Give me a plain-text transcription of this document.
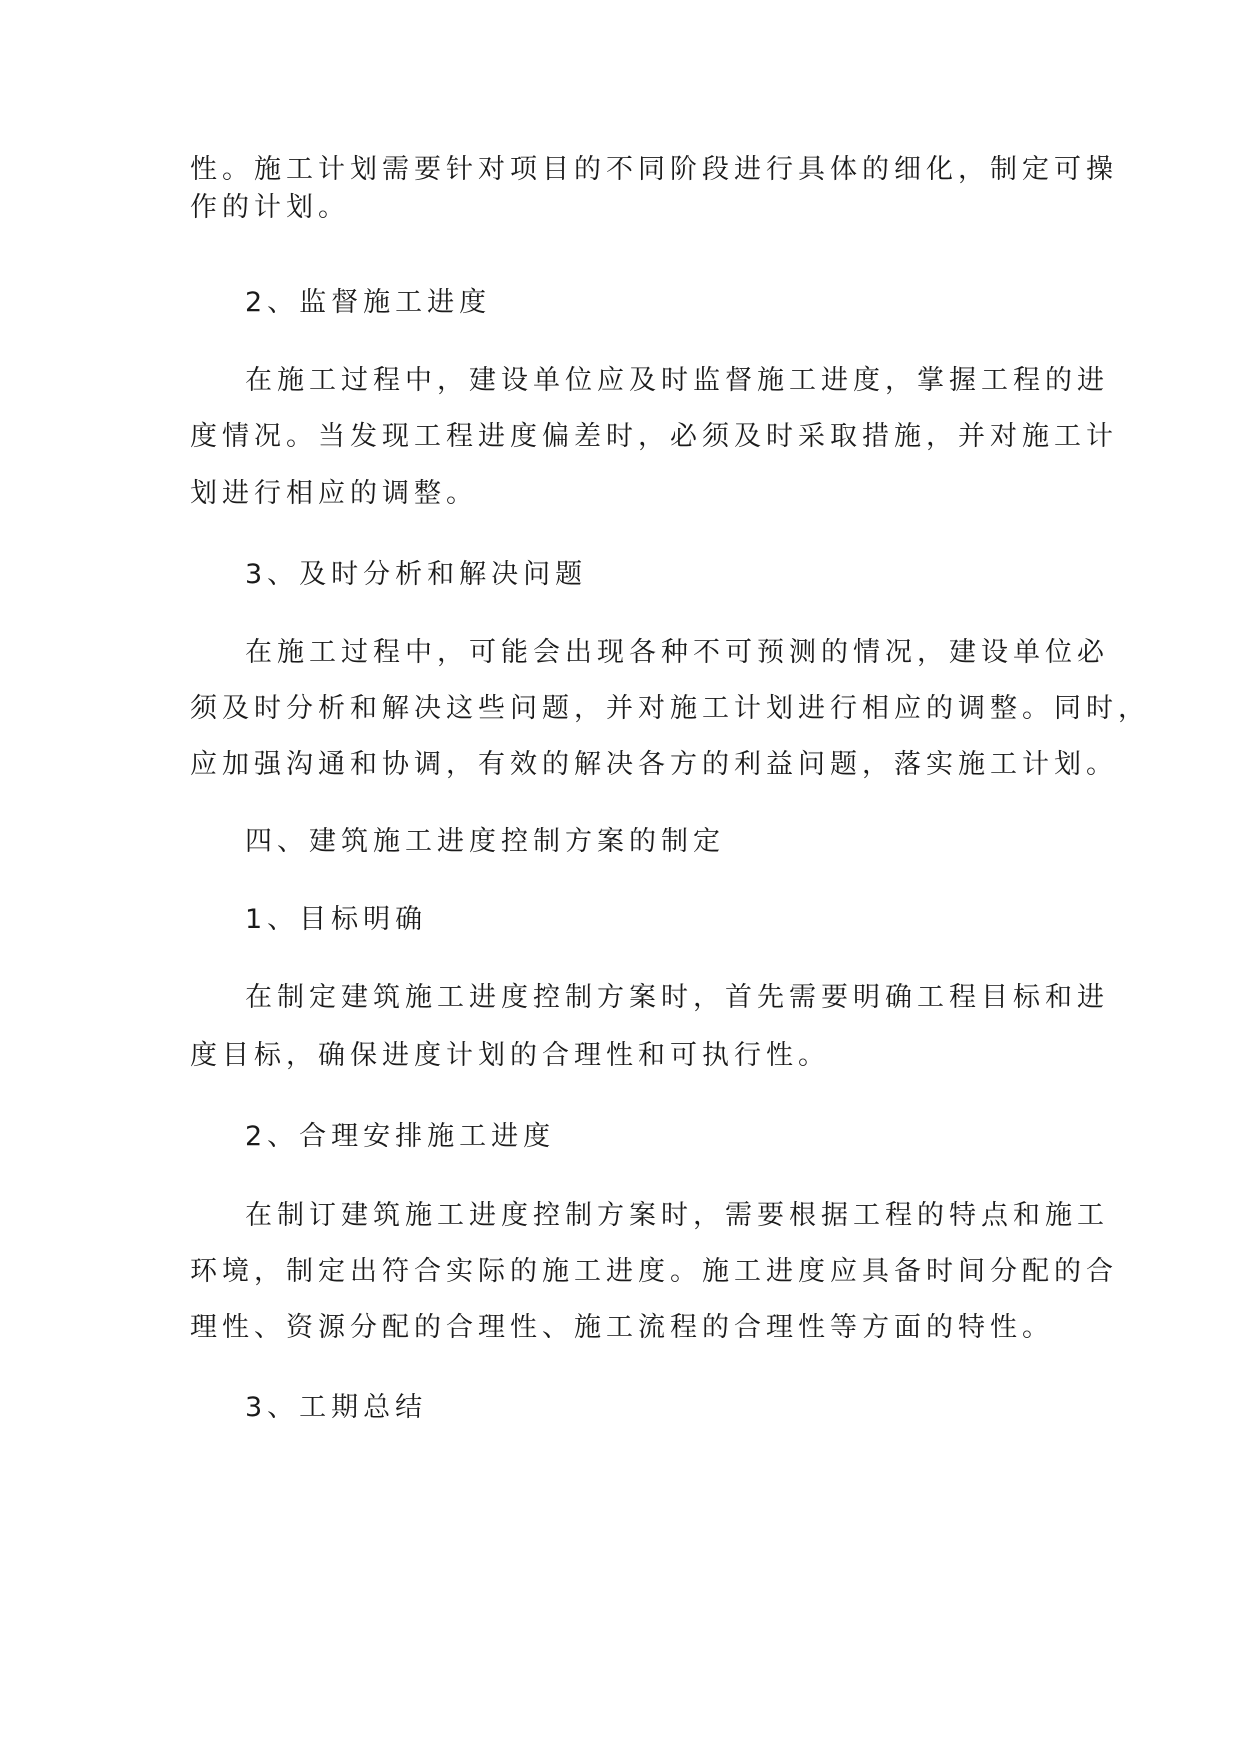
性。施工计划需要针对项目的不同阶段进行具体的细化，制定可操
作的计划。
2、监督施工进度
在施工过程中，建设单位应及时监督施工进度，掌握工程的进
度情况。当发现工程进度偏差时，必须及时采取措施，并对施工计
划进行相应的调整。
3、及时分析和解决问题
在施工过程中，可能会出现各种不可预测的情况，建设单位必
须及时分析和解决这些问题，并对施工计划进行相应的调整。同时，
应加强沟通和协调，有效的解决各方的利益问题，落实施工计划。
四、建筑施工进度控制方案的制定
1、目标明确
在制定建筑施工进度控制方案时，首先需要明确工程目标和进
度目标，确保进度计划的合理性和可执行性。
2、合理安排施工进度
在制订建筑施工进度控制方案时，需要根据工程的特点和施工
环境，制定出符合实际的施工进度。施工进度应具备时间分配的合
理性、资源分配的合理性、施工流程的合理性等方面的特性。
3、工期总结
